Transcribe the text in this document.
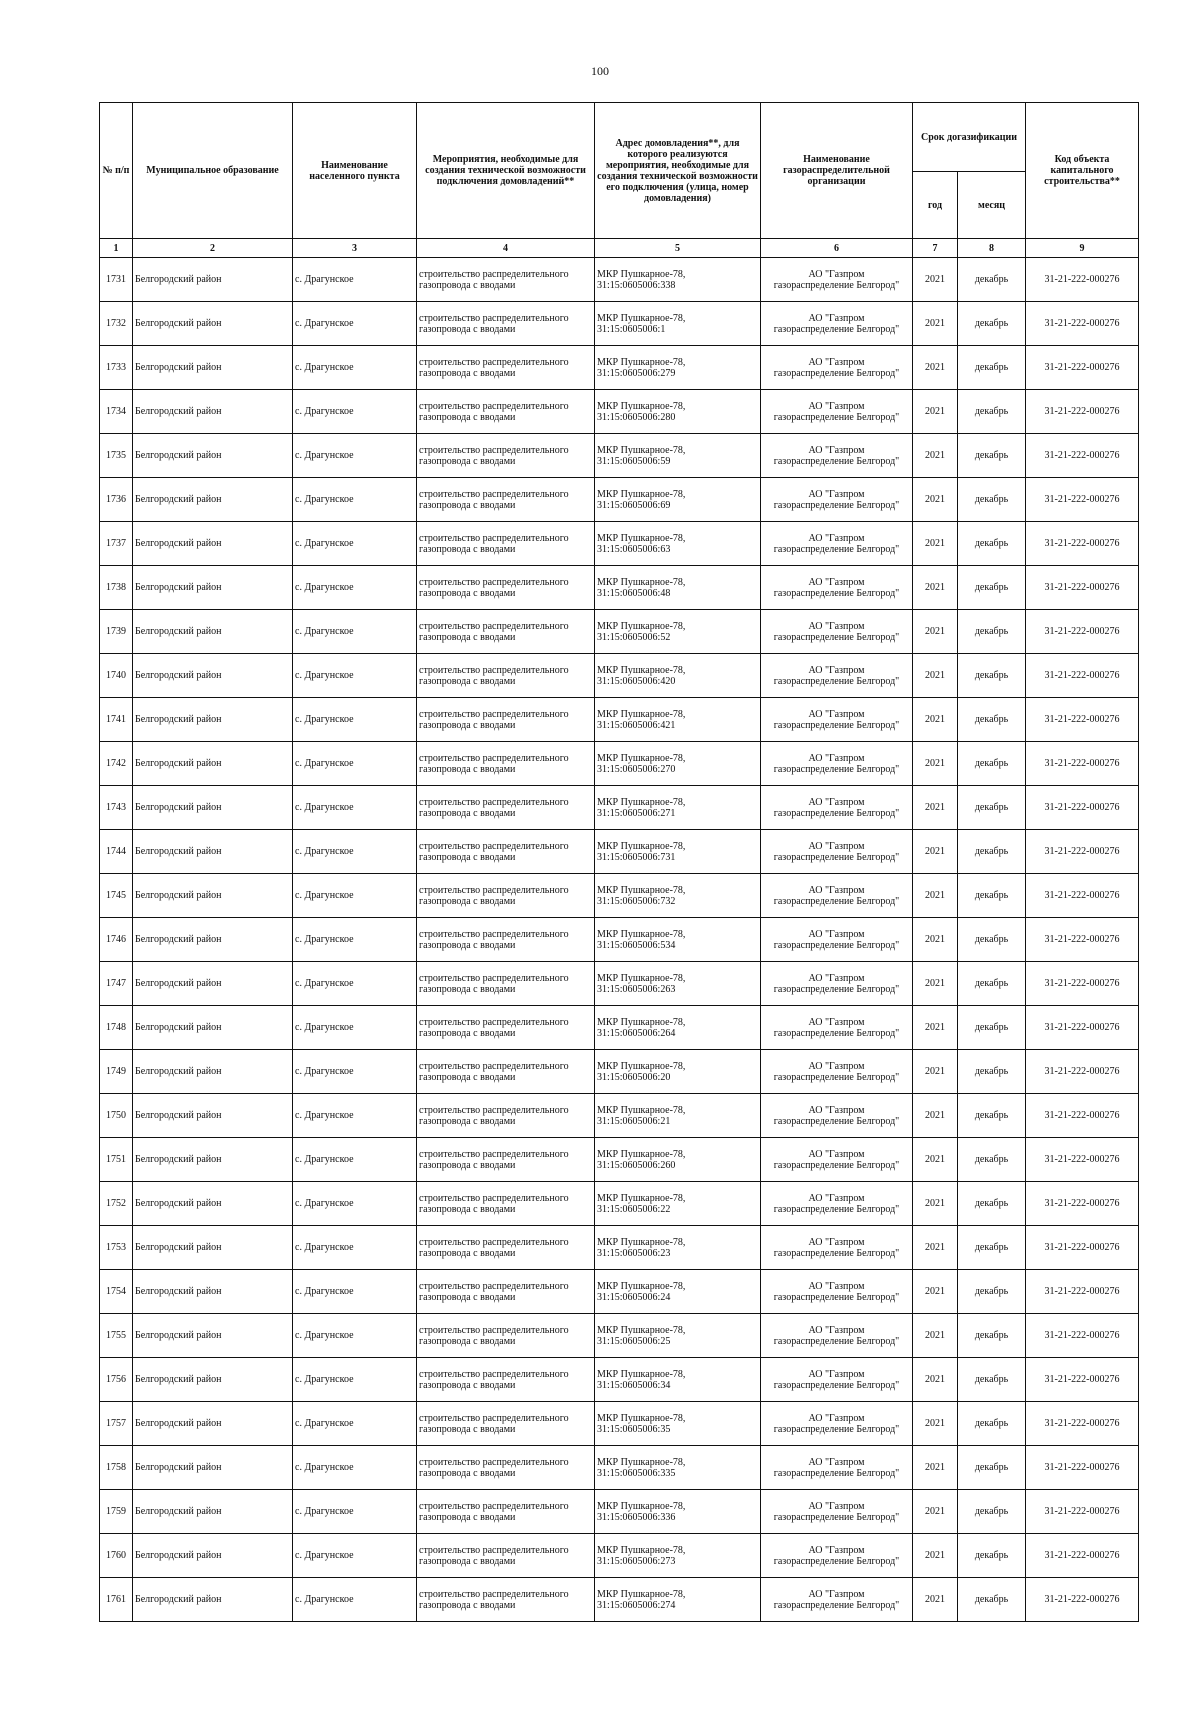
100
№ п/п	Муниципальное образование	Наименование населенного пункта	Мероприятия, необходимые для создания технической возможности подключения домовладений**	Адрес домовладения**, для которого реализуются мероприятия, необходимые для создания технической возможности его подключения (улица, номер домовладения)	Наименование газораспределительной организации	Срок догазификации		Код объекта капитального строительства**
						год	месяц	
1	2	3	4	5	6	7	8	9
1731	Белгородский район	с. Драгунское	строительство распределительного
газопровода с вводами	МКР Пушкарное-78,
31:15:0605006:338	АО "Газпром
газораспределение Белгород"	2021	декабрь	31-21-222-000276
1732	Белгородский район	с. Драгунское	строительство распределительного
газопровода с вводами	МКР Пушкарное-78,
31:15:0605006:1	АО "Газпром
газораспределение Белгород"	2021	декабрь	31-21-222-000276
1733	Белгородский район	с. Драгунское	строительство распределительного
газопровода с вводами	МКР Пушкарное-78,
31:15:0605006:279	АО "Газпром
газораспределение Белгород"	2021	декабрь	31-21-222-000276
1734	Белгородский район	с. Драгунское	строительство распределительного
газопровода с вводами	МКР Пушкарное-78,
31:15:0605006:280	АО "Газпром
газораспределение Белгород"	2021	декабрь	31-21-222-000276
1735	Белгородский район	с. Драгунское	строительство распределительного
газопровода с вводами	МКР Пушкарное-78,
31:15:0605006:59	АО "Газпром
газораспределение Белгород"	2021	декабрь	31-21-222-000276
1736	Белгородский район	с. Драгунское	строительство распределительного
газопровода с вводами	МКР Пушкарное-78,
31:15:0605006:69	АО "Газпром
газораспределение Белгород"	2021	декабрь	31-21-222-000276
1737	Белгородский район	с. Драгунское	строительство распределительного
газопровода с вводами	МКР Пушкарное-78,
31:15:0605006:63	АО "Газпром
газораспределение Белгород"	2021	декабрь	31-21-222-000276
1738	Белгородский район	с. Драгунское	строительство распределительного
газопровода с вводами	МКР Пушкарное-78,
31:15:0605006:48	АО "Газпром
газораспределение Белгород"	2021	декабрь	31-21-222-000276
1739	Белгородский район	с. Драгунское	строительство распределительного
газопровода с вводами	МКР Пушкарное-78,
31:15:0605006:52	АО "Газпром
газораспределение Белгород"	2021	декабрь	31-21-222-000276
1740	Белгородский район	с. Драгунское	строительство распределительного
газопровода с вводами	МКР Пушкарное-78,
31:15:0605006:420	АО "Газпром
газораспределение Белгород"	2021	декабрь	31-21-222-000276
1741	Белгородский район	с. Драгунское	строительство распределительного
газопровода с вводами	МКР Пушкарное-78,
31:15:0605006:421	АО "Газпром
газораспределение Белгород"	2021	декабрь	31-21-222-000276
1742	Белгородский район	с. Драгунское	строительство распределительного
газопровода с вводами	МКР Пушкарное-78,
31:15:0605006:270	АО "Газпром
газораспределение Белгород"	2021	декабрь	31-21-222-000276
1743	Белгородский район	с. Драгунское	строительство распределительного
газопровода с вводами	МКР Пушкарное-78,
31:15:0605006:271	АО "Газпром
газораспределение Белгород"	2021	декабрь	31-21-222-000276
1744	Белгородский район	с. Драгунское	строительство распределительного
газопровода с вводами	МКР Пушкарное-78,
31:15:0605006:731	АО "Газпром
газораспределение Белгород"	2021	декабрь	31-21-222-000276
1745	Белгородский район	с. Драгунское	строительство распределительного
газопровода с вводами	МКР Пушкарное-78,
31:15:0605006:732	АО "Газпром
газораспределение Белгород"	2021	декабрь	31-21-222-000276
1746	Белгородский район	с. Драгунское	строительство распределительного
газопровода с вводами	МКР Пушкарное-78,
31:15:0605006:534	АО "Газпром
газораспределение Белгород"	2021	декабрь	31-21-222-000276
1747	Белгородский район	с. Драгунское	строительство распределительного
газопровода с вводами	МКР Пушкарное-78,
31:15:0605006:263	АО "Газпром
газораспределение Белгород"	2021	декабрь	31-21-222-000276
1748	Белгородский район	с. Драгунское	строительство распределительного
газопровода с вводами	МКР Пушкарное-78,
31:15:0605006:264	АО "Газпром
газораспределение Белгород"	2021	декабрь	31-21-222-000276
1749	Белгородский район	с. Драгунское	строительство распределительного
газопровода с вводами	МКР Пушкарное-78,
31:15:0605006:20	АО "Газпром
газораспределение Белгород"	2021	декабрь	31-21-222-000276
1750	Белгородский район	с. Драгунское	строительство распределительного
газопровода с вводами	МКР Пушкарное-78,
31:15:0605006:21	АО "Газпром
газораспределение Белгород"	2021	декабрь	31-21-222-000276
1751	Белгородский район	с. Драгунское	строительство распределительного
газопровода с вводами	МКР Пушкарное-78,
31:15:0605006:260	АО "Газпром
газораспределение Белгород"	2021	декабрь	31-21-222-000276
1752	Белгородский район	с. Драгунское	строительство распределительного
газопровода с вводами	МКР Пушкарное-78,
31:15:0605006:22	АО "Газпром
газораспределение Белгород"	2021	декабрь	31-21-222-000276
1753	Белгородский район	с. Драгунское	строительство распределительного
газопровода с вводами	МКР Пушкарное-78,
31:15:0605006:23	АО "Газпром
газораспределение Белгород"	2021	декабрь	31-21-222-000276
1754	Белгородский район	с. Драгунское	строительство распределительного
газопровода с вводами	МКР Пушкарное-78,
31:15:0605006:24	АО "Газпром
газораспределение Белгород"	2021	декабрь	31-21-222-000276
1755	Белгородский район	с. Драгунское	строительство распределительного
газопровода с вводами	МКР Пушкарное-78,
31:15:0605006:25	АО "Газпром
газораспределение Белгород"	2021	декабрь	31-21-222-000276
1756	Белгородский район	с. Драгунское	строительство распределительного
газопровода с вводами	МКР Пушкарное-78,
31:15:0605006:34	АО "Газпром
газораспределение Белгород"	2021	декабрь	31-21-222-000276
1757	Белгородский район	с. Драгунское	строительство распределительного
газопровода с вводами	МКР Пушкарное-78,
31:15:0605006:35	АО "Газпром
газораспределение Белгород"	2021	декабрь	31-21-222-000276
1758	Белгородский район	с. Драгунское	строительство распределительного
газопровода с вводами	МКР Пушкарное-78,
31:15:0605006:335	АО "Газпром
газораспределение Белгород"	2021	декабрь	31-21-222-000276
1759	Белгородский район	с. Драгунское	строительство распределительного
газопровода с вводами	МКР Пушкарное-78,
31:15:0605006:336	АО "Газпром
газораспределение Белгород"	2021	декабрь	31-21-222-000276
1760	Белгородский район	с. Драгунское	строительство распределительного
газопровода с вводами	МКР Пушкарное-78,
31:15:0605006:273	АО "Газпром
газораспределение Белгород"	2021	декабрь	31-21-222-000276
1761	Белгородский район	с. Драгунское	строительство распределительного
газопровода с вводами	МКР Пушкарное-78,
31:15:0605006:274	АО "Газпром
газораспределение Белгород"	2021	декабрь	31-21-222-000276
